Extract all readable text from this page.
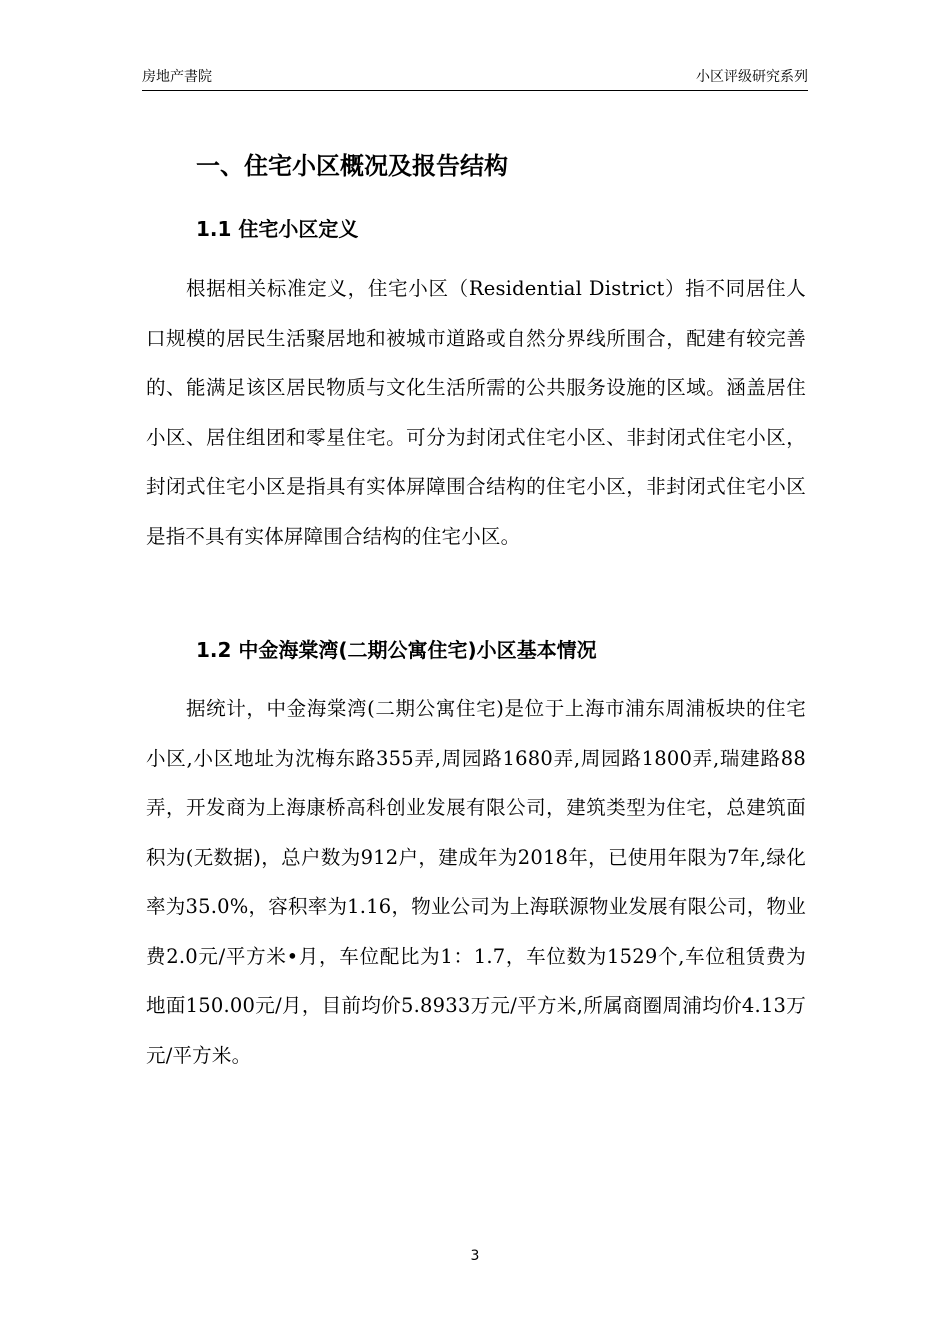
房地产書院	小区评级研究系列
一、住宅小区概况及报告结构
1.1 住宅小区定义

根据相关标准定义，住宅小区（Residential District）指不同居住人口规模的居民生活聚居地和被城市道路或自然分界线所围合，配建有较完善的、能满足该区居民物质与文化生活所需的公共服务设施的区域。涵盖居住小区、居住组团和零星住宅。可分为封闭式住宅小区、非封闭式住宅小区，封闭式住宅小区是指具有实体屏障围合结构的住宅小区，非封闭式住宅小区是指不具有实体屏障围合结构的住宅小区。

1.2 中金海棠湾(二期公寓住宅)小区基本情况

据统计，中金海棠湾(二期公寓住宅)是位于上海市浦东周浦板块的住宅小区,小区地址为沈梅东路355弄,周园路1680弄,周园路1800弄,瑞建路88弄，开发商为上海康桥高科创业发展有限公司，建筑类型为住宅，总建筑面积为(无数据)，总户数为912户，建成年为2018年，已使用年限为7年,绿化率为35.0%，容积率为1.16，物业公司为上海联源物业发展有限公司，物业费2.0元/平方米•月，车位配比为1：1.7，车位数为1529个,车位租赁费为地面150.00元/月，目前均价5.8933万元/平方米,所属商圈周浦均价4.13万元/平方米。

3
